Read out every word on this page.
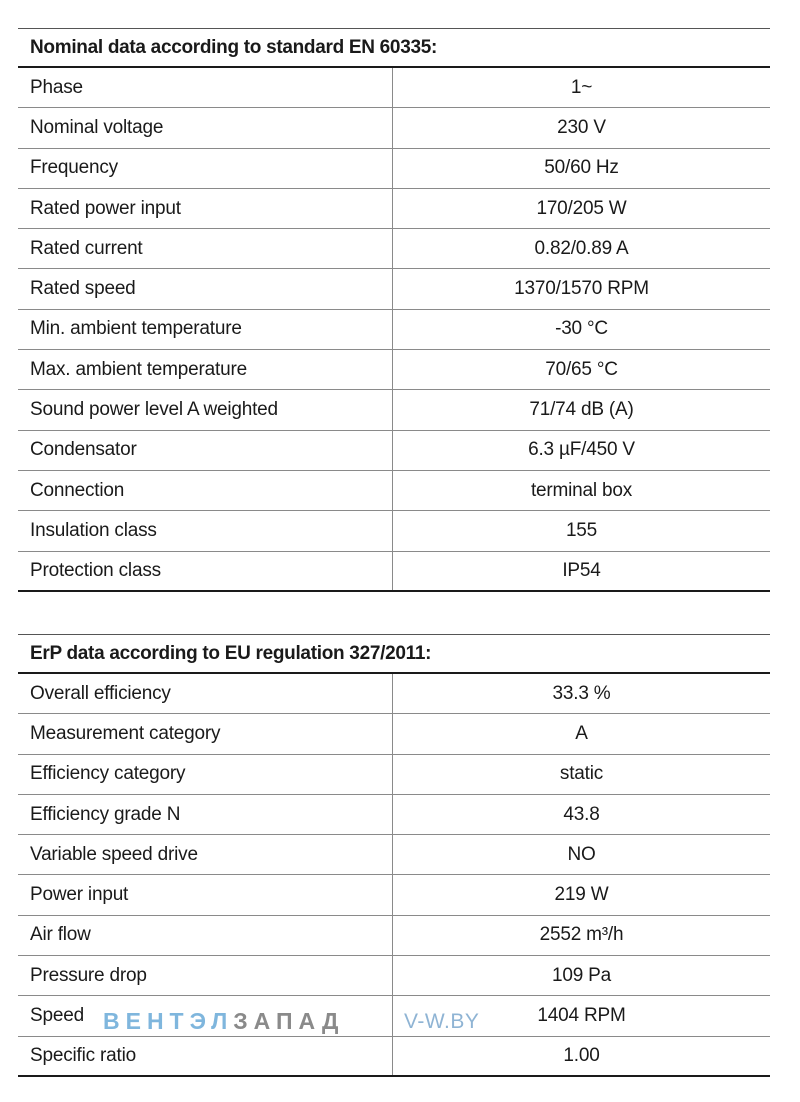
Nominal data according to standard EN 60335:
Phase	1~
Nominal voltage	230 V
Frequency	50/60 Hz
Rated power input	170/205 W
Rated current	0.82/0.89 A
Rated speed	1370/1570 RPM
Min. ambient temperature	-30 °C
Max. ambient temperature	70/65 °C
Sound power level A weighted	71/74 dB (A)
Condensator	6.3 µF/450 V
Connection	terminal box
Insulation class	155
Protection class	IP54
ErP data according to EU regulation 327/2011:
Overall efficiency	33.3 %
Measurement category	A
Efficiency category	static
Efficiency grade N	43.8
Variable speed drive	NO
Power input	219 W
Air flow	2552 m³/h
Pressure drop	109 Pa
Speed	1404 RPM
Specific ratio	1.00
ВЕНТЭЛ ЗАПАД	V-W.BY
